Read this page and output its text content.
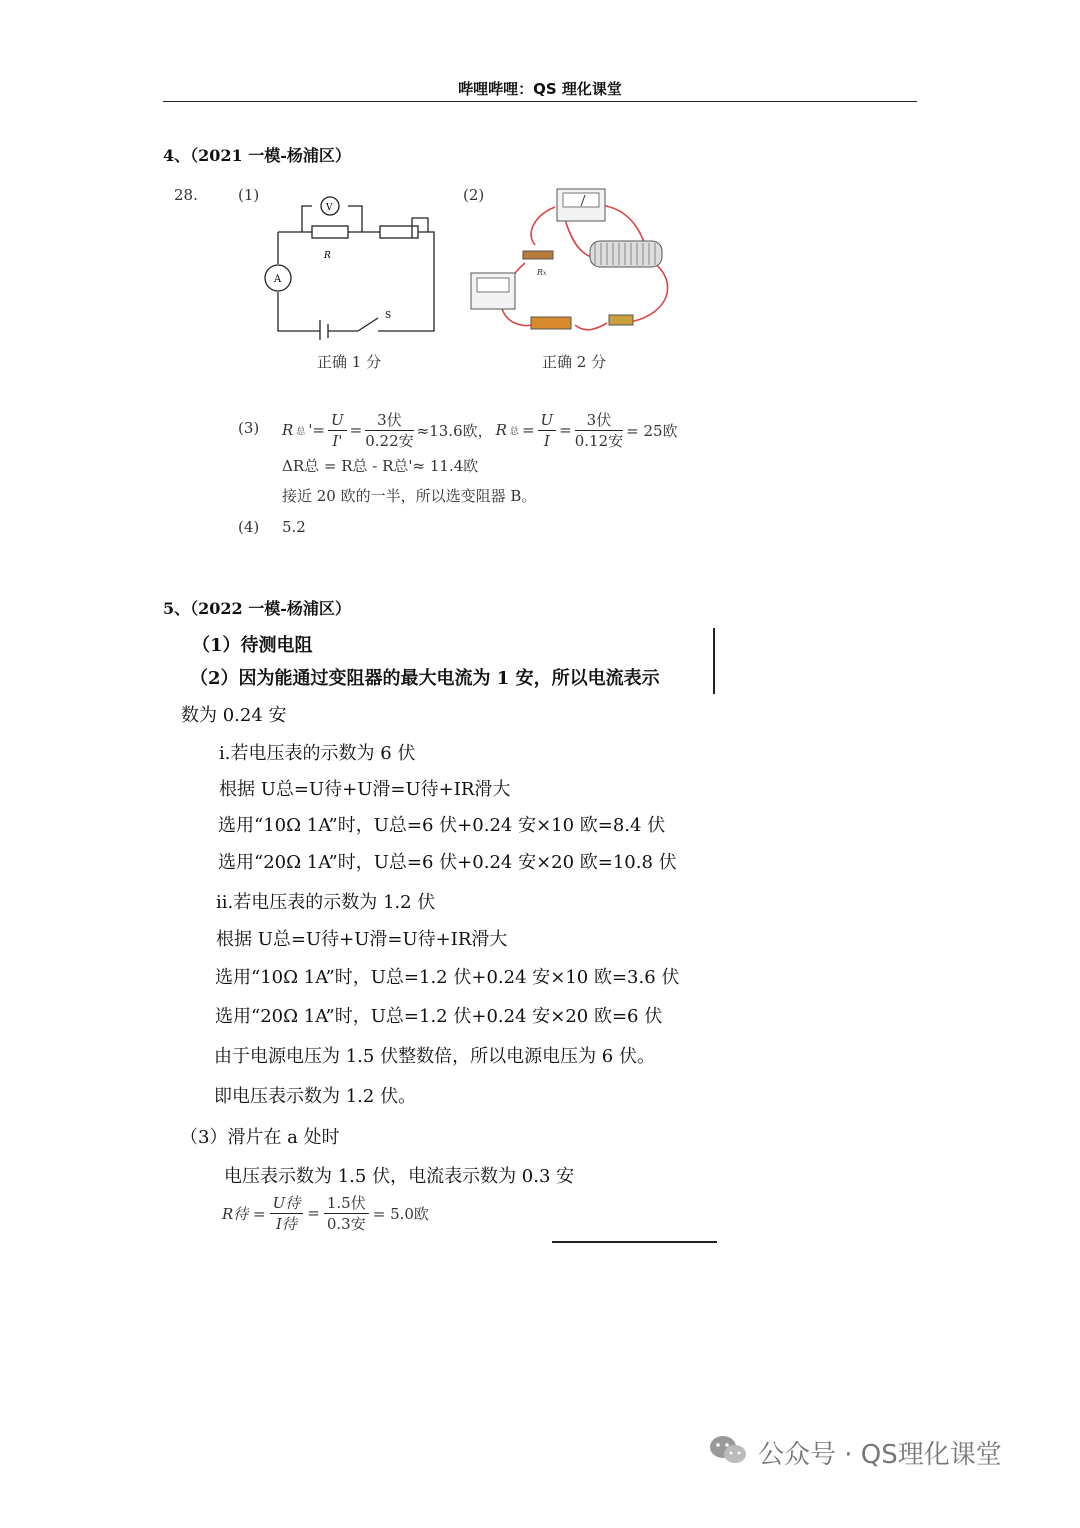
哔哩哔哩：QS 理化课堂
4、（2021 一模-杨浦区）
28.	(1)	(2)
V
A
R
S
Rx
正确 1 分	正确 2 分
(3) R 总 '= $\frac{U}{I'} = \frac{\text{3伏}}{\text{0.22安}} \approx 13.6$欧， R 总 = $\frac{U}{I} = \frac{\text{3伏}}{\text{0.12安}} = 25$欧
ΔR总 = R总 - R总'≈ 11.4欧
接近 20 欧的一半，所以选变阻器 B。
(4) 5.2
5、（2022 一模-杨浦区）
（1）待测电阻
（2）因为能通过变阻器的最大电流为 1 安，所以电流表示
数为 0.24 安
i.若电压表的示数为 6 伏
根据 U总=U待+U滑=U待+IR滑大
选用“10Ω 1A”时，U总=6 伏+0.24 安×10 欧=8.4 伏
选用“20Ω 1A”时，U总=6 伏+0.24 安×20 欧=10.8 伏
ii.若电压表的示数为 1.2 伏
根据 U总=U待+U滑=U待+IR滑大
选用“10Ω 1A”时，U总=1.2 伏+0.24 安×10 欧=3.6 伏
选用“20Ω 1A”时，U总=1.2 伏+0.24 安×20 欧=6 伏
由于电源电压为 1.5 伏整数倍，所以电源电压为 6 伏。
即电压表示数为 1.2 伏。
（3）滑片在 a 处时
电压表示数为 1.5 伏，电流表示数为 0.3 安
R待 = $\frac{\text{U待}}{\text{I待}} = \frac{\text{1.5伏}}{\text{0.3安}} = 5.0$欧
公众号 · QS理化课堂
